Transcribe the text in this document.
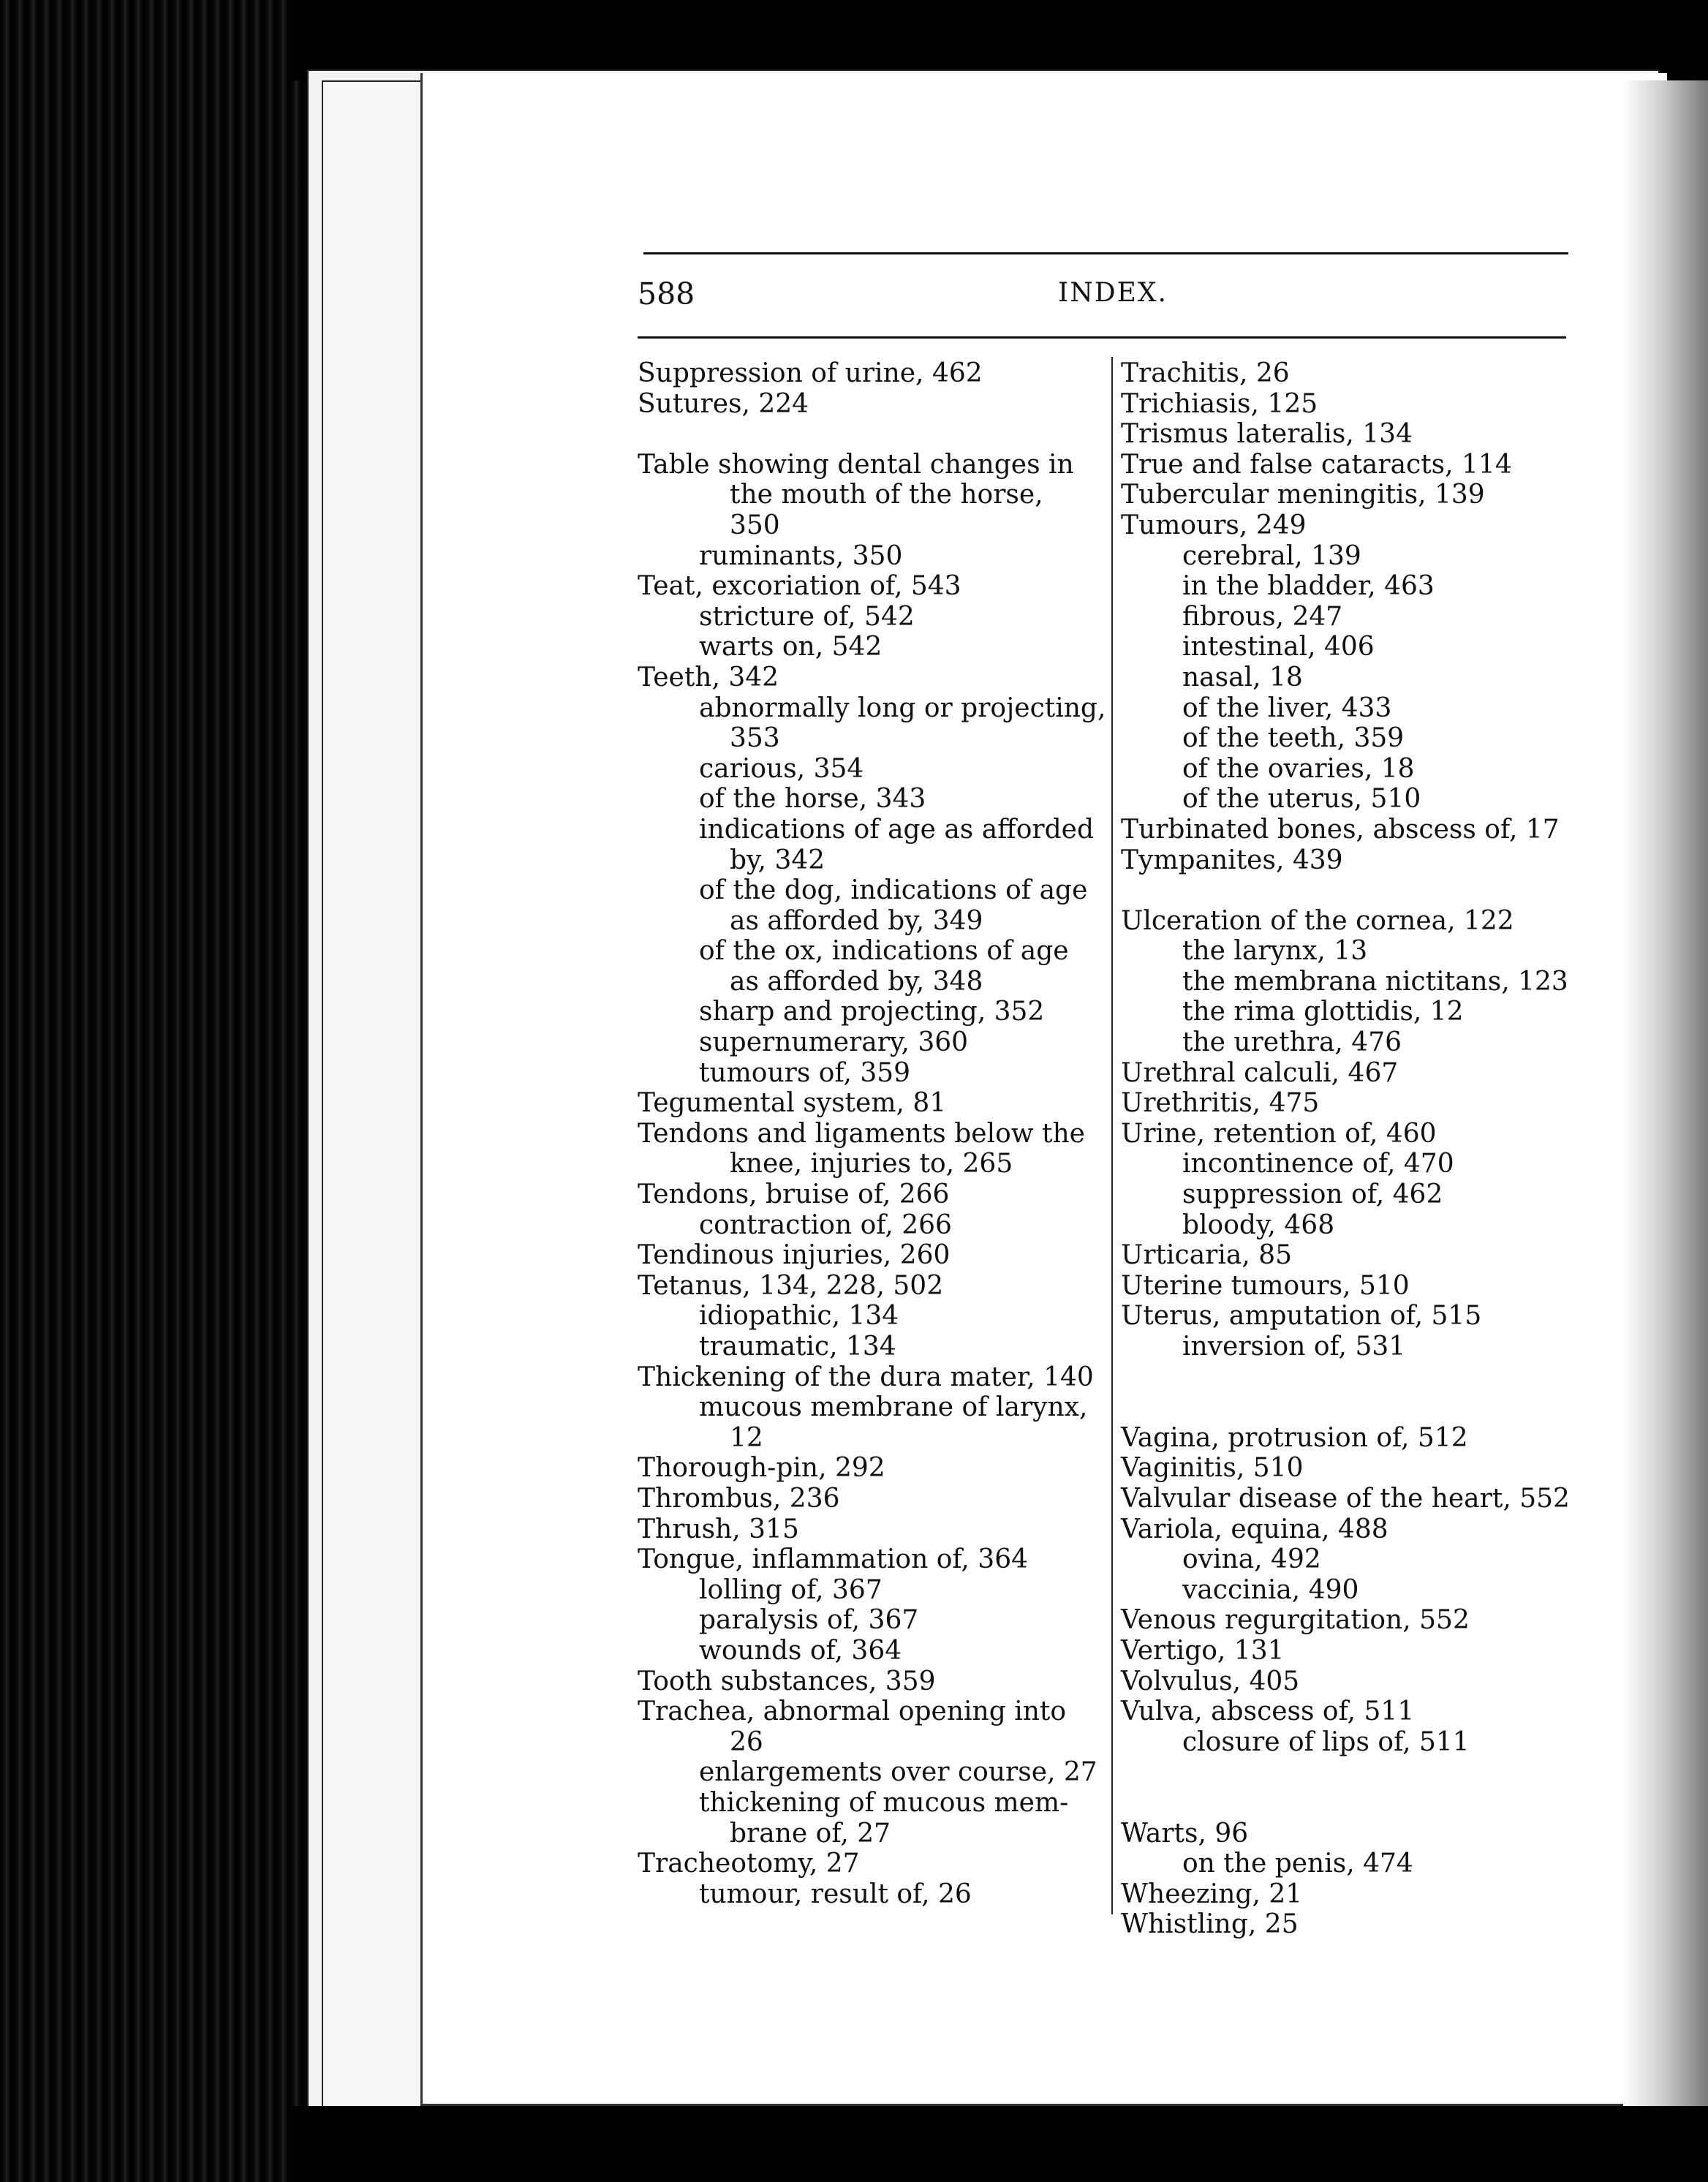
588	INDEX.
Suppression of urine, 462
Sutures, 224
Table showing dental changes in
the mouth of the horse,
350
ruminants, 350
Teat, excoriation of, 543
stricture of, 542
warts on, 542
Teeth, 342
abnormally long or projecting,
353
carious, 354
of the horse, 343
indications of age as afforded
by, 342
of the dog, indications of age
as afforded by, 349
of the ox, indications of age
as afforded by, 348
sharp and projecting, 352
supernumerary, 360
tumours of, 359
Tegumental system, 81
Tendons and ligaments below the
knee, injuries to, 265
Tendons, bruise of, 266
contraction of, 266
Tendinous injuries, 260
Tetanus, 134, 228, 502
idiopathic, 134
traumatic, 134
Thickening of the dura mater, 140
mucous membrane of larynx,
12
Thorough-pin, 292
Thrombus, 236
Thrush, 315
Tongue, inflammation of, 364
lolling of, 367
paralysis of, 367
wounds of, 364
Tooth substances, 359
Trachea, abnormal opening into
26
enlargements over course, 27
thickening of mucous mem-
brane of, 27
Tracheotomy, 27
tumour, result of, 26
Trachitis, 26
Trichiasis, 125
Trismus lateralis, 134
True and false cataracts, 114
Tubercular meningitis, 139
Tumours, 249
cerebral, 139
in the bladder, 463
fibrous, 247
intestinal, 406
nasal, 18
of the liver, 433
of the teeth, 359
of the ovaries, 18
of the uterus, 510
Turbinated bones, abscess of, 17
Tympanites, 439
Ulceration of the cornea, 122
the larynx, 13
the membrana nictitans, 123
the rima glottidis, 12
the urethra, 476
Urethral calculi, 467
Urethritis, 475
Urine, retention of, 460
incontinence of, 470
suppression of, 462
bloody, 468
Urticaria, 85
Uterine tumours, 510
Uterus, amputation of, 515
inversion of, 531
Vagina, protrusion of, 512
Vaginitis, 510
Valvular disease of the heart, 552
Variola, equina, 488
ovina, 492
vaccinia, 490
Venous regurgitation, 552
Vertigo, 131
Volvulus, 405
Vulva, abscess of, 511
closure of lips of, 511
Warts, 96
on the penis, 474
Wheezing, 21
Whistling, 25
